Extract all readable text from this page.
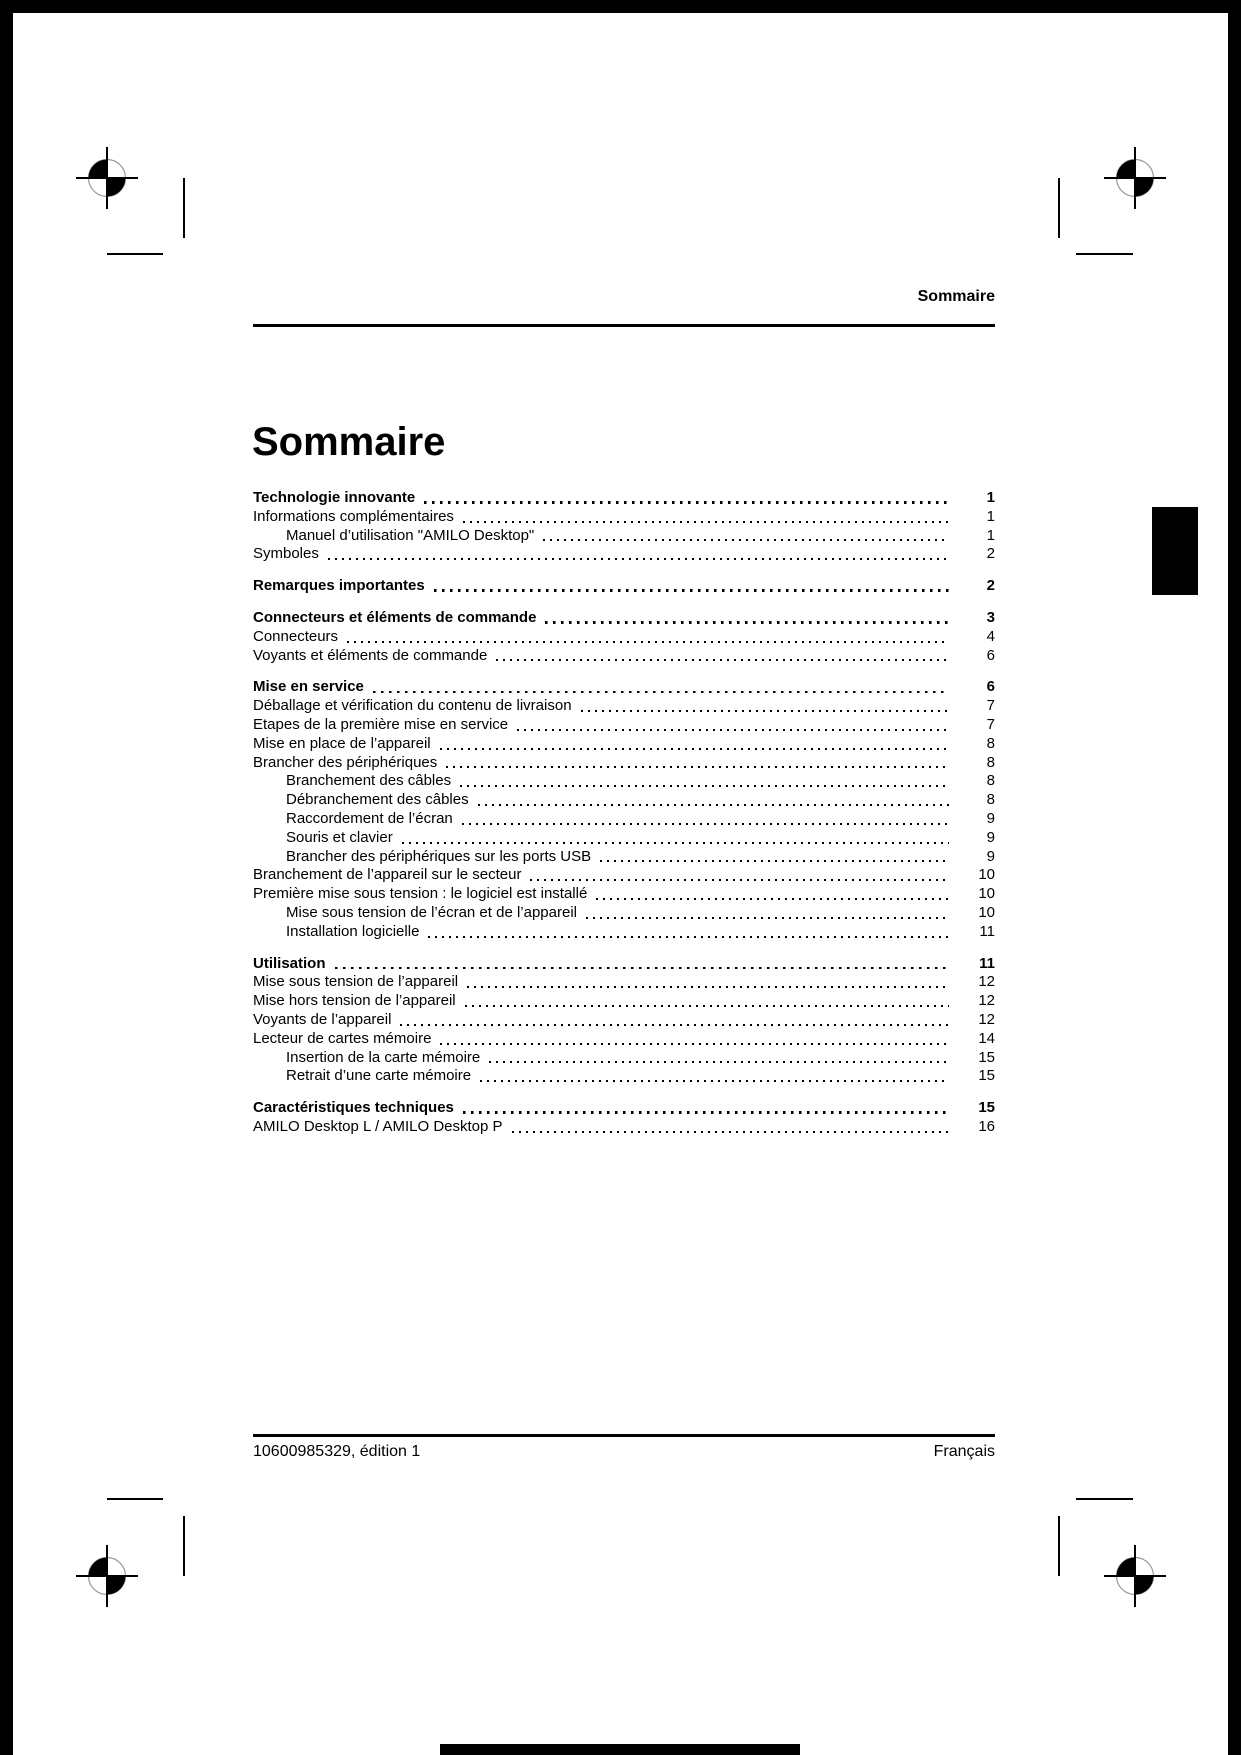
Sommaire
Sommaire
Technologie innovante	1
Informations complémentaires	1
Manuel d’utilisation "AMILO Desktop"	1
Symboles	2
Remarques importantes	2
Connecteurs et éléments de commande	3
Connecteurs	4
Voyants et éléments de commande	6
Mise en service	6
Déballage et vérification du contenu de livraison	7
Etapes de la première mise en service	7
Mise en place de l’appareil	8
Brancher des périphériques	8
Branchement des câbles	8
Débranchement des câbles	8
Raccordement de l’écran	9
Souris et clavier	9
Brancher des périphériques sur les ports USB	9
Branchement de l’appareil sur le secteur	10
Première mise sous tension : le logiciel est installé	10
Mise sous tension de l’écran et de l’appareil	10
Installation logicielle	11
Utilisation	11
Mise sous tension de l’appareil	12
Mise hors tension de l’appareil	12
Voyants de l’appareil	12
Lecteur de cartes mémoire	14
Insertion de la carte mémoire	15
Retrait d’une carte mémoire	15
Caractéristiques techniques	15
AMILO Desktop L / AMILO Desktop P	16
10600985329, édition 1	Français
